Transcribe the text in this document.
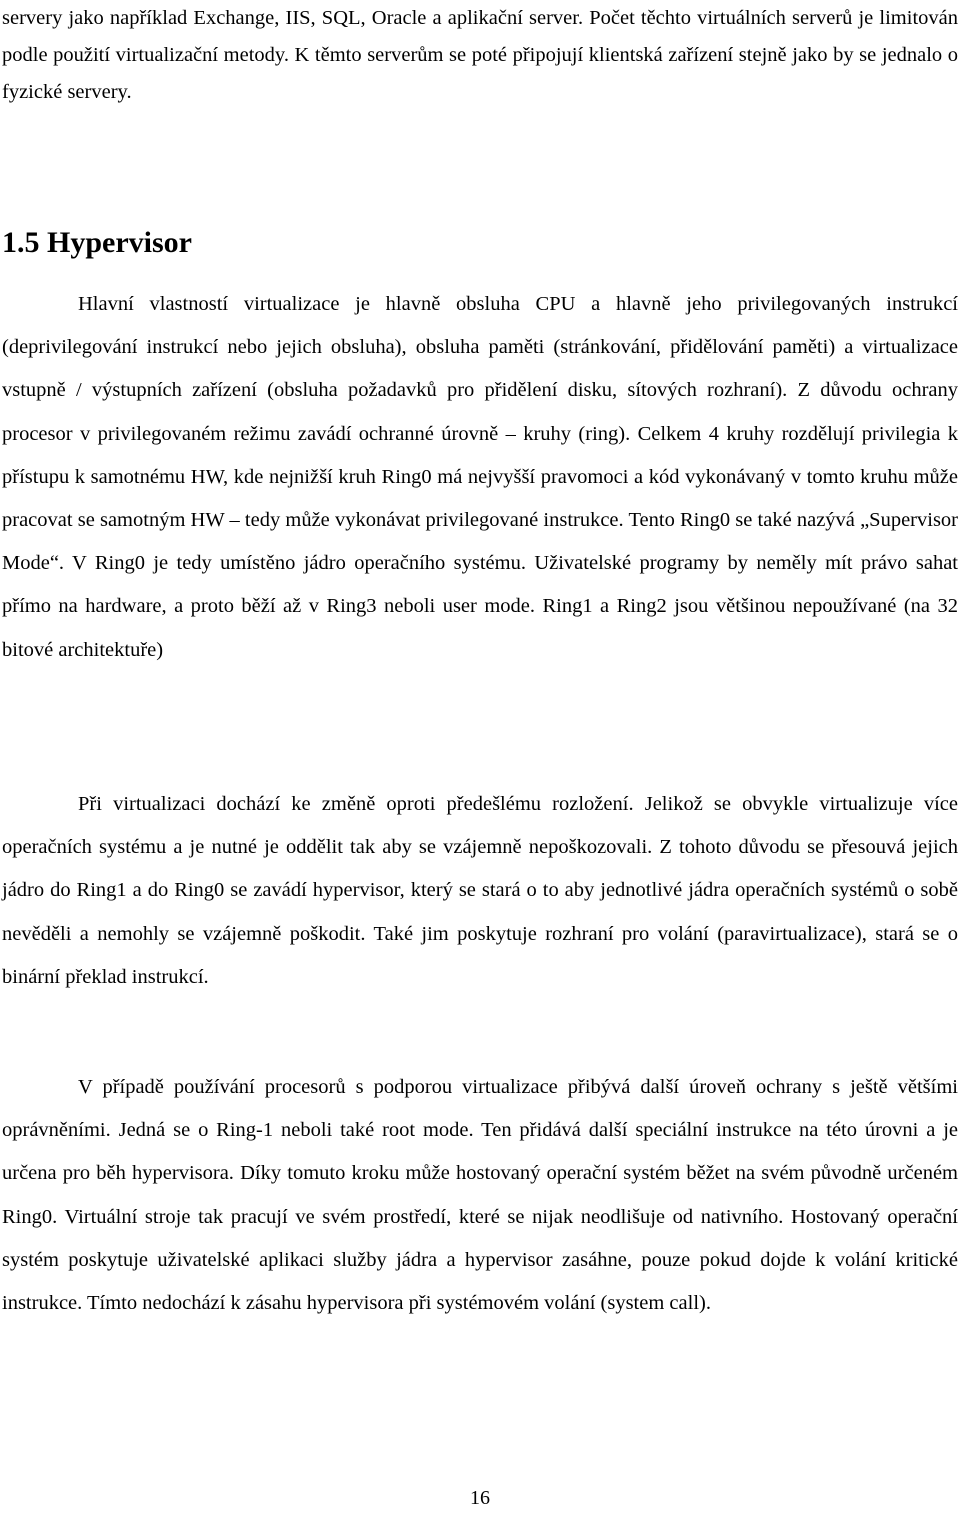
servery jako například Exchange, IIS, SQL, Oracle a aplikační server. Počet těchto virtuálních serverů je limitován podle použití virtualizační metody. K těmto serverům se poté připojují klientská zařízení stejně jako by se jednalo o fyzické servery.

1.5 Hypervisor

Hlavní vlastností virtualizace je hlavně obsluha CPU a hlavně jeho privilegovaných instrukcí (deprivilegování instrukcí nebo jejich obsluha), obsluha paměti (stránkování, přidělování paměti) a virtualizace vstupně / výstupních zařízení (obsluha požadavků pro přidělení disku, sítových rozhraní). Z důvodu ochrany procesor v privilegovaném režimu zavádí ochranné úrovně – kruhy (ring). Celkem 4 kruhy rozdělují privilegia k přístupu k samotnému HW, kde nejnižší kruh Ring0 má nejvyšší pravomoci a kód vykonávaný v tomto kruhu může pracovat se samotným HW – tedy může vykonávat privilegované instrukce. Tento Ring0 se také nazývá „Supervisor Mode“. V Ring0 je tedy umístěno jádro operačního systému. Uživatelské programy by neměly mít právo sahat přímo na hardware, a proto běží až v Ring3 neboli user mode. Ring1 a Ring2 jsou většinou nepoužívané (na 32 bitové architektuře)

Při virtualizaci dochází ke změně oproti předešlému rozložení. Jelikož se obvykle virtualizuje více operačních systému a je nutné je oddělit tak aby se vzájemně nepoškozovali. Z tohoto důvodu se přesouvá jejich jádro do Ring1 a do Ring0 se zavádí hypervisor, který se stará o to aby jednotlivé jádra operačních systémů o sobě nevěděli a nemohly se vzájemně poškodit. Také jim poskytuje rozhraní pro volání (paravirtualizace), stará se o binární překlad instrukcí.

V případě používání procesorů s podporou virtualizace přibývá další úroveň ochrany s ještě většími oprávněními. Jedná se o Ring-1 neboli také root mode. Ten přidává další speciální instrukce na této úrovni a je určena pro běh hypervisora. Díky tomuto kroku může hostovaný operační systém běžet na svém původně určeném Ring0. Virtuální stroje tak pracují ve svém prostředí, které se nijak neodlišuje od nativního. Hostovaný operační systém poskytuje uživatelské aplikaci služby jádra a hypervisor zasáhne, pouze pokud dojde k volání kritické instrukce. Tímto nedochází k zásahu hypervisora při systémovém volání (system call).

16
